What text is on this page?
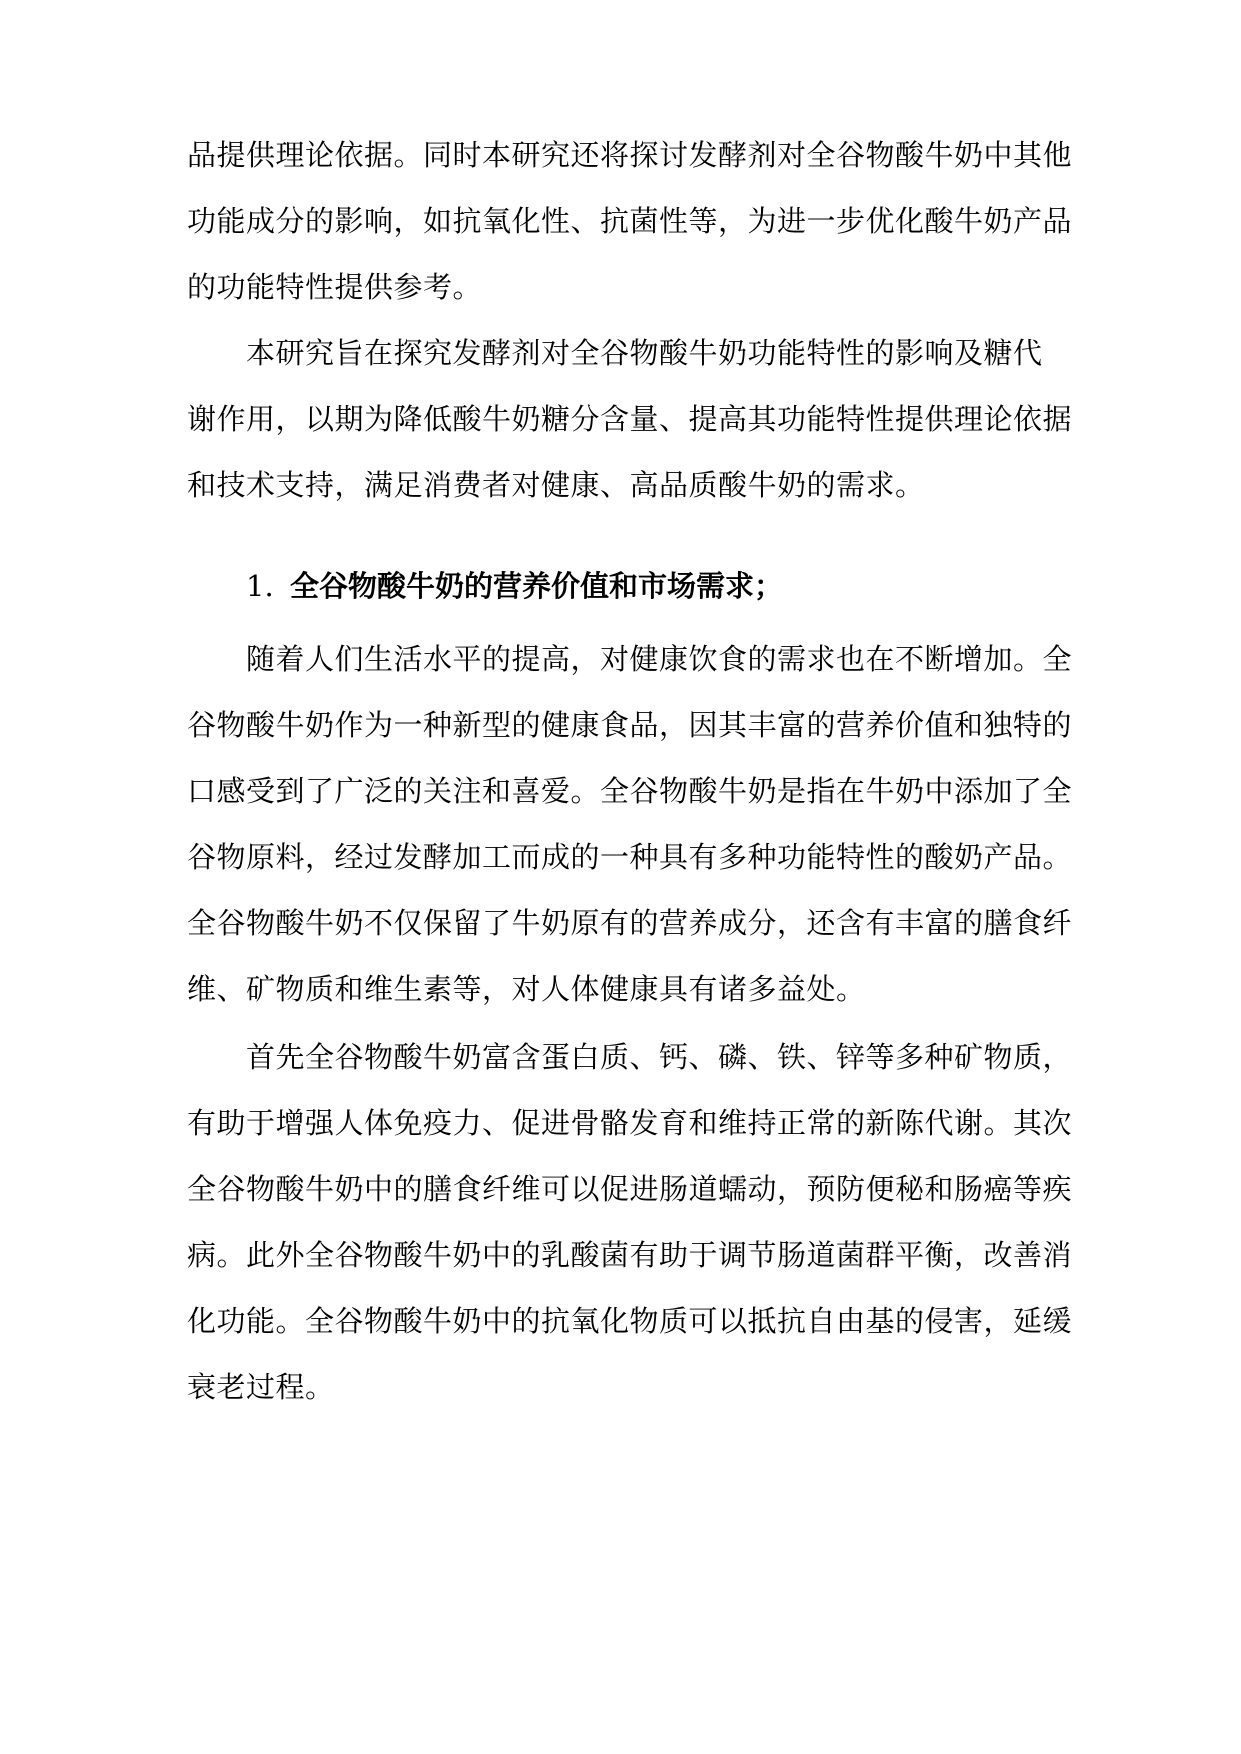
品提供理论依据。同时本研究还将探讨发酵剂对全谷物酸牛奶中其他
功能成分的影响，如抗氧化性、抗菌性等，为进一步优化酸牛奶产品
的功能特性提供参考。
本研究旨在探究发酵剂对全谷物酸牛奶功能特性的影响及糖代
谢作用，以期为降低酸牛奶糖分含量、提高其功能特性提供理论依据
和技术支持，满足消费者对健康、高品质酸牛奶的需求。
1. 全谷物酸牛奶的营养价值和市场需求；
随着人们生活水平的提高，对健康饮食的需求也在不断增加。全
谷物酸牛奶作为一种新型的健康食品，因其丰富的营养价值和独特的
口感受到了广泛的关注和喜爱。全谷物酸牛奶是指在牛奶中添加了全
谷物原料，经过发酵加工而成的一种具有多种功能特性的酸奶产品。
全谷物酸牛奶不仅保留了牛奶原有的营养成分，还含有丰富的膳食纤
维、矿物质和维生素等，对人体健康具有诸多益处。
首先全谷物酸牛奶富含蛋白质、钙、磷、铁、锌等多种矿物质，
有助于增强人体免疫力、促进骨骼发育和维持正常的新陈代谢。其次
全谷物酸牛奶中的膳食纤维可以促进肠道蠕动，预防便秘和肠癌等疾
病。此外全谷物酸牛奶中的乳酸菌有助于调节肠道菌群平衡，改善消
化功能。全谷物酸牛奶中的抗氧化物质可以抵抗自由基的侵害，延缓
衰老过程。
